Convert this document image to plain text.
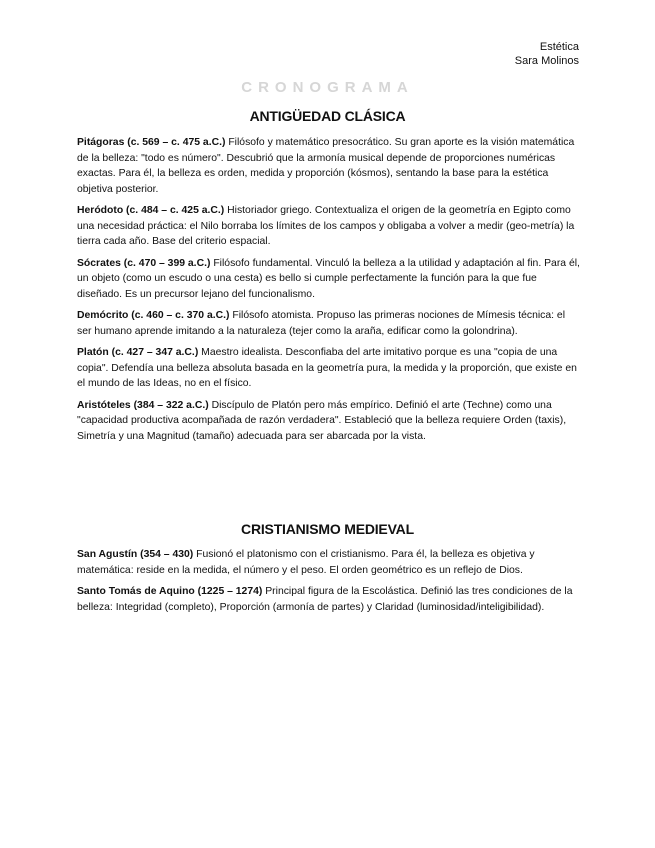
Estética
Sara Molinos
CRONOGRAMA
ANTIGÜEDAD CLÁSICA

Pitágoras (c. 569 – c. 475 a.C.) Filósofo y matemático presocrático. Su gran aporte es la visión matemática de la belleza: "todo es número". Descubrió que la armonía musical depende de proporciones numéricas exactas. Para él, la belleza es orden, medida y proporción (kósmos), sentando la base para la estética objetiva posterior.

Heródoto (c. 484 – c. 425 a.C.) Historiador griego. Contextualiza el origen de la geometría en Egipto como una necesidad práctica: el Nilo borraba los límites de los campos y obligaba a volver a medir (geo-metría) la tierra cada año. Base del criterio espacial.

Sócrates (c. 470 – 399 a.C.) Filósofo fundamental. Vinculó la belleza a la utilidad y adaptación al fin. Para él, un objeto (como un escudo o una cesta) es bello si cumple perfectamente la función para la que fue diseñado. Es un precursor lejano del funcionalismo.

Demócrito (c. 460 – c. 370 a.C.) Filósofo atomista. Propuso las primeras nociones de Mímesis técnica: el ser humano aprende imitando a la naturaleza (tejer como la araña, edificar como la golondrina).

Platón (c. 427 – 347 a.C.) Maestro idealista. Desconfiaba del arte imitativo porque es una "copia de una copia". Defendía una belleza absoluta basada en la geometría pura, la medida y la proporción, que existe en el mundo de las Ideas, no en el físico.

Aristóteles (384 – 322 a.C.) Discípulo de Platón pero más empírico. Definió el arte (Techne) como una "capacidad productiva acompañada de razón verdadera". Estableció que la belleza requiere Orden (taxis), Simetría y una Magnitud (tamaño) adecuada para ser abarcada por la vista.

CRISTIANISMO MEDIEVAL

San Agustín (354 – 430) Fusionó el platonismo con el cristianismo. Para él, la belleza es objetiva y matemática: reside en la medida, el número y el peso. El orden geométrico es un reflejo de Dios.

Santo Tomás de Aquino (1225 – 1274) Principal figura de la Escolástica. Definió las tres condiciones de la belleza: Integridad (completo), Proporción (armonía de partes) y Claridad (luminosidad/inteligibilidad).
